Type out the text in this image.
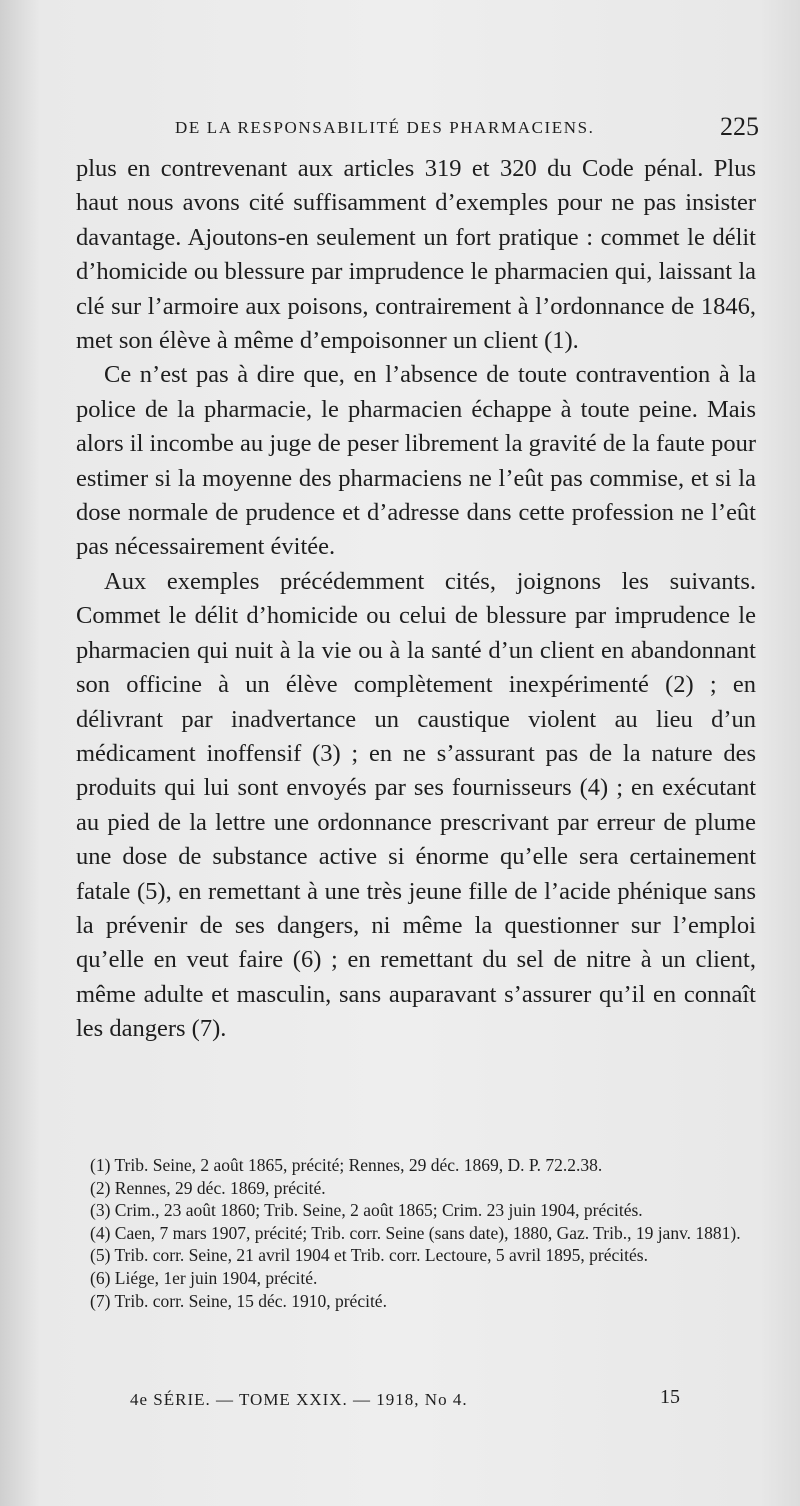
DE LA RESPONSABILITÉ DES PHARMACIENS.	225

plus en contrevenant aux articles 319 et 320 du Code pénal. Plus haut nous avons cité suffisamment d’exemples pour ne pas insister davantage. Ajoutons-en seulement un fort pratique : commet le délit d’homicide ou blessure par imprudence le pharmacien qui, laissant la clé sur l’armoire aux poisons, contrairement à l’ordonnance de 1846, met son élève à même d’empoisonner un client (1).

Ce n’est pas à dire que, en l’absence de toute contravention à la police de la pharmacie, le pharmacien échappe à toute peine. Mais alors il incombe au juge de peser librement la gravité de la faute pour estimer si la moyenne des pharmaciens ne l’eût pas commise, et si la dose normale de prudence et d’adresse dans cette profession ne l’eût pas nécessairement évitée.

Aux exemples précédemment cités, joignons les suivants. Commet le délit d’homicide ou celui de blessure par imprudence le pharmacien qui nuit à la vie ou à la santé d’un client en abandonnant son officine à un élève complètement inexpérimenté (2) ; en délivrant par inadvertance un caustique violent au lieu d’un médicament inoffensif (3) ; en ne s’assurant pas de la nature des produits qui lui sont envoyés par ses fournisseurs (4) ; en exécutant au pied de la lettre une ordonnance prescrivant par erreur de plume une dose de substance active si énorme qu’elle sera certainement fatale (5), en remettant à une très jeune fille de l’acide phénique sans la prévenir de ses dangers, ni même la questionner sur l’emploi qu’elle en veut faire (6) ; en remettant du sel de nitre à un client, même adulte et masculin, sans auparavant s’assurer qu’il en connaît les dangers (7).

(1) Trib. Seine, 2 août 1865, précité; Rennes, 29 déc. 1869, D. P. 72.2.38.

(2) Rennes, 29 déc. 1869, précité.

(3) Crim., 23 août 1860; Trib. Seine, 2 août 1865; Crim. 23 juin 1904, précités.

(4) Caen, 7 mars 1907, précité; Trib. corr. Seine (sans date), 1880, Gaz. Trib., 19 janv. 1881).

(5) Trib. corr. Seine, 21 avril 1904 et Trib. corr. Lectoure, 5 avril 1895, précités.

(6) Liége, 1er juin 1904, précité.

(7) Trib. corr. Seine, 15 déc. 1910, précité.

4e SÉRIE. — TOME XXIX. — 1918, No 4.	15
